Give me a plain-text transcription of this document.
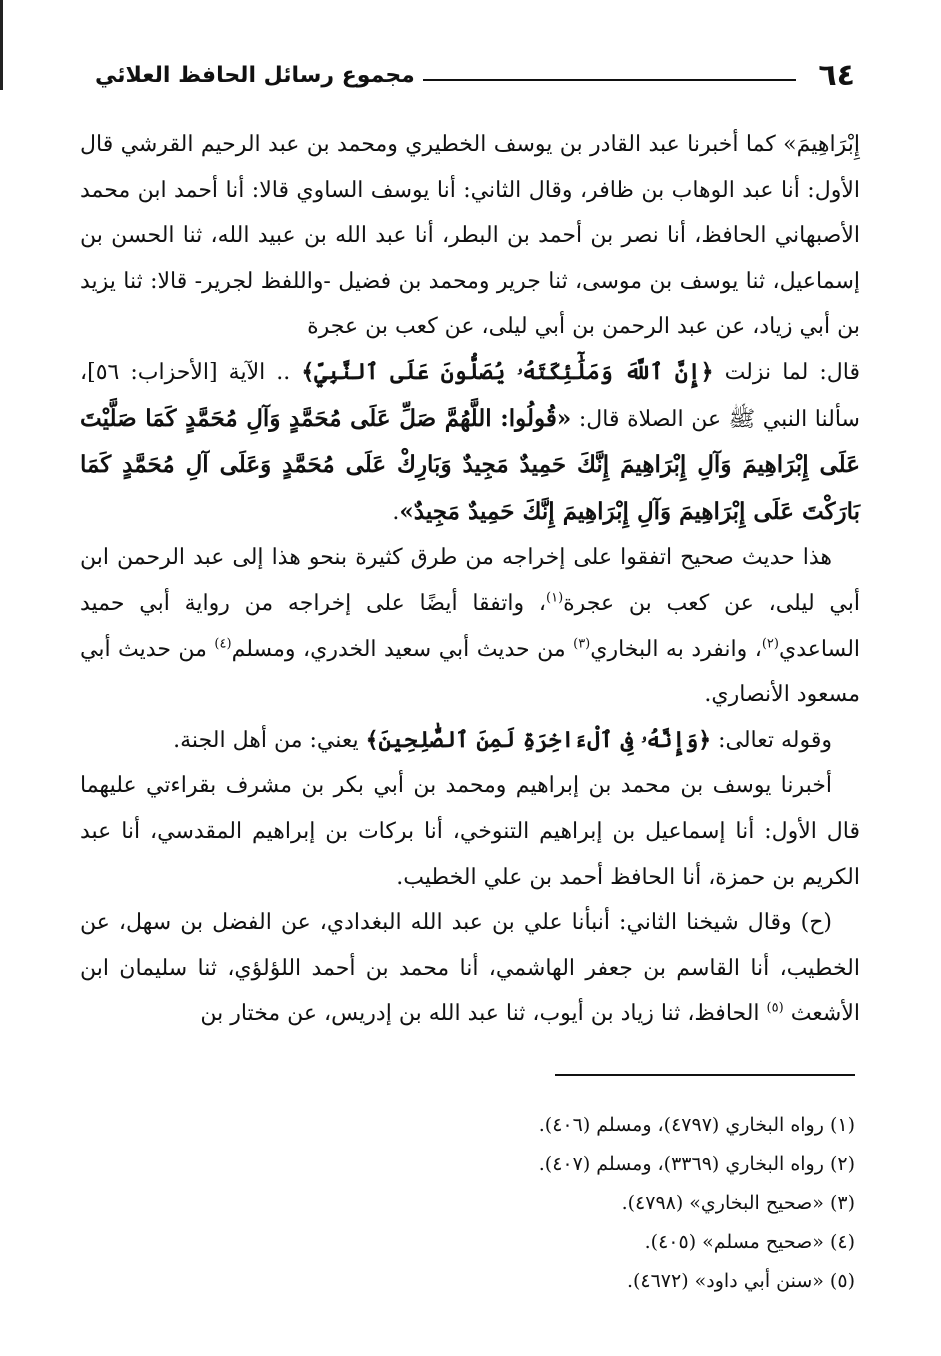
٦٤
مجموع رسائل الحافظ العلائي

إِبْرَاهِيمَ» كما أخبرنا عبد القادر بن يوسف الخطيري ومحمد بن عبد الرحيم القرشي قال الأول: أنا عبد الوهاب بن ظافر، وقال الثاني: أنا يوسف الساوي قالا: أنا أحمد ابن محمد الأصبهاني الحافظ، أنا نصر بن أحمد بن البطر، أنا عبد الله بن عبيد الله، ثنا الحسن بن إسماعيل، ثنا يوسف بن موسى، ثنا جرير ومحمد بن فضيل -واللفظ لجرير- قالا: ثنا يزيد بن أبي زياد، عن عبد الرحمن بن أبي ليلى، عن كعب بن عجرة

قال: لما نزلت ﴿إِنَّ ٱللَّهَ وَمَلَٰٓئِكَتَهُۥ يُصَلُّونَ عَلَى ٱلنَّبِيِّ﴾ .. الآية [الأحزاب: ٥٦]، سألنا النبي ﷺ عن الصلاة قال: «قُولُوا: اللَّهُمَّ صَلِّ عَلَى مُحَمَّدٍ وَآلِ مُحَمَّدٍ كَمَا صَلَّيْتَ عَلَى إِبْرَاهِيمَ وَآلِ إِبْرَاهِيمَ إِنَّكَ حَمِيدٌ مَجِيدٌ وَبَارِكْ عَلَى مُحَمَّدٍ وَعَلَى آلِ مُحَمَّدٍ كَمَا بَارَكْتَ عَلَى إِبْرَاهِيمَ وَآلِ إِبْرَاهِيمَ إِنَّكَ حَمِيدٌ مَجِيدٌ».

هذا حديث صحيح اتفقوا على إخراجه من طرق كثيرة بنحو هذا إلى عبد الرحمن ابن أبي ليلى، عن كعب بن عجرة$^{(١)}$، واتفقا أيضًا على إخراجه من رواية أبي حميد الساعدي$^{(٢)}$، وانفرد به البخاري$^{(٣)}$ من حديث أبي سعيد الخدري، ومسلم$^{(٤)}$ من حديث أبي مسعود الأنصاري.

وقوله تعالى: ﴿وَإِنَّهُۥ فِى ٱلْءَاخِرَةِ لَمِنَ ٱلصَّٰلِحِينَ﴾ يعني: من أهل الجنة.

أخبرنا يوسف بن محمد بن إبراهيم ومحمد بن أبي بكر بن مشرف بقراءتي عليهما قال الأول: أنا إسماعيل بن إبراهيم التنوخي، أنا بركات بن إبراهيم المقدسي، أنا عبد الكريم بن حمزة، أنا الحافظ أحمد بن علي الخطيب.

(ح) وقال شيخنا الثاني: أنبأنا علي بن عبد الله البغدادي، عن الفضل بن سهل، عن الخطيب، أنا القاسم بن جعفر الهاشمي، أنا محمد بن أحمد اللؤلؤي، ثنا سليمان ابن الأشعث $^{(٥)}$ الحافظ، ثنا زياد بن أيوب، ثنا عبد الله بن إدريس، عن مختار بن

(١) رواه البخاري (٤٧٩٧)، ومسلم (٤٠٦).

(٢) رواه البخاري (٣٣٦٩)، ومسلم (٤٠٧).

(٣) «صحيح البخاري» (٤٧٩٨).

(٤) «صحيح مسلم» (٤٠٥).

(٥) «سنن أبي داود» (٤٦٧٢).
